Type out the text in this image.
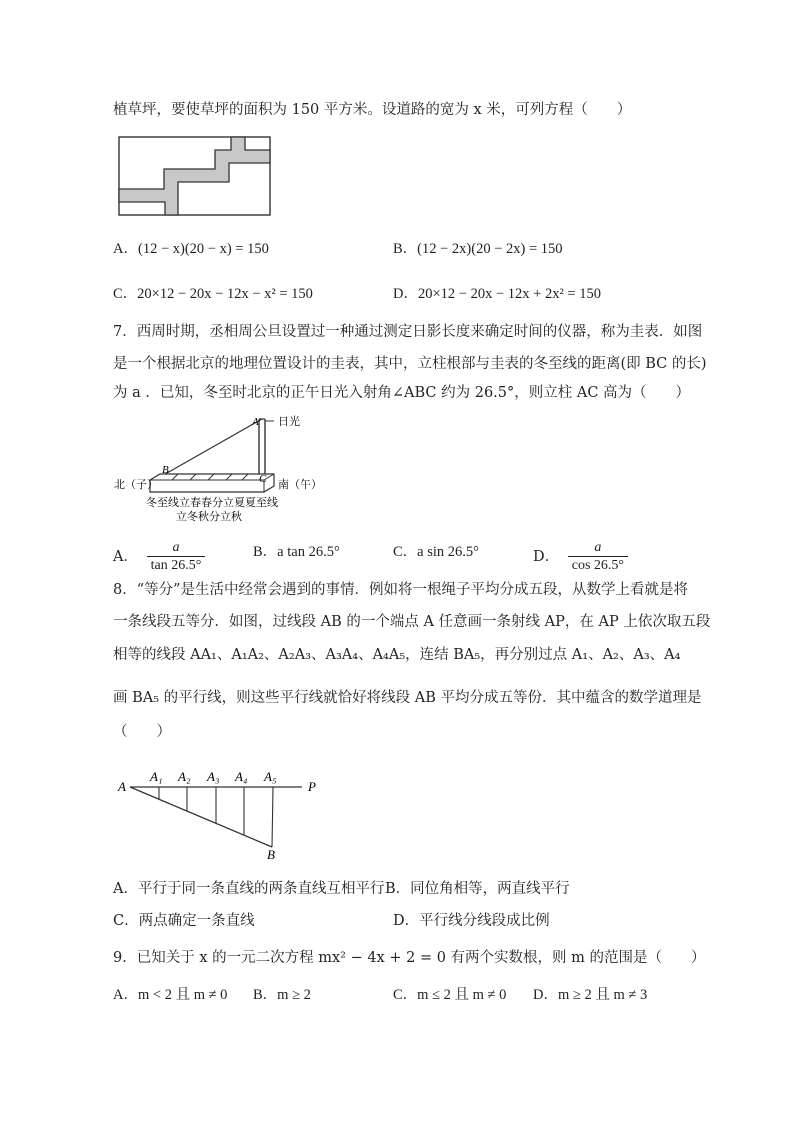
植草坪，要使草坪的面积为 150 平方米。设道路的宽为 x 米，可列方程（　　）
A．(12 − x)(20 − x) = 150	B．(12 − 2x)(20 − 2x) = 150
C．20×12 − 20x − 12x − x² = 150	D．20×12 − 20x − 12x + 2x² = 150
7．西周时期，丞相周公旦设置过一种通过测定日影长度来确定时间的仪器，称为圭表．如图
是一个根据北京的地理位置设计的圭表，其中，立柱根部与圭表的冬至线的距离(即 BC 的长)
为 a ．已知，冬至时北京的正午日光入射角∠ABC 约为 26.5°，则立柱 AC 高为（　　）
A 日光
B
C
北（子）	南（午）
冬至线立春春分立夏夏至线
立冬秋分立秋
A． $\frac{a}{\tan 26.5^\circ}$	B．a tan 26.5°	C．a sin 26.5°	D． $\frac{a}{\cos 26.5^\circ}$
8．“等分”是生活中经常会遇到的事情．例如将一根绳子平均分成五段，从数学上看就是将
一条线段五等分．如图，过线段 AB 的一个端点 A 任意画一条射线 AP，在 AP 上依次取五段
相等的线段 AA₁、A₁A₂、A₂A₃、A₃A₄、A₄A₅，连结 BA₅，再分别过点 A₁、A₂、A₃、A₄
画 BA₅ 的平行线，则这些平行线就恰好将线段 AB 平均分成五等份．其中蕴含的数学道理是
（　　）
A	P
B
A₁ A₂ A₃ A₄ A₅
A．平行于同一条直线的两条直线互相平行 B．同位角相等，两直线平行
C．两点确定一条直线	D．平行线分线段成比例
9．已知关于 x 的一元二次方程 mx² − 4x + 2 = 0 有两个实数根，则 m 的范围是（　　）
A．m < 2 且 m ≠ 0 B．m ≥ 2	C．m ≤ 2 且 m ≠ 0 D．m ≥ 2 且 m ≠ 3
